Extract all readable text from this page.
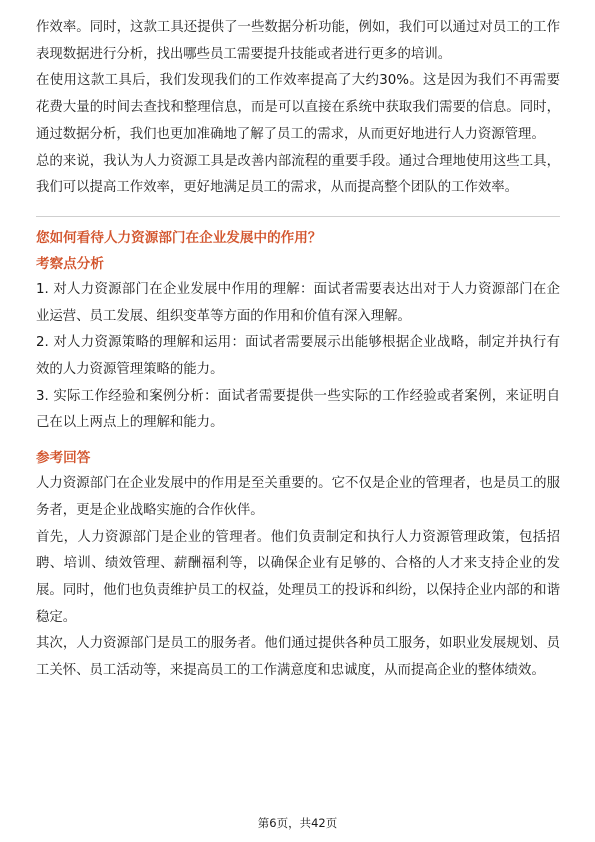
作效率。同时，这款工具还提供了一些数据分析功能，例如，我们可以通过对员工的工作表现数据进行分析，找出哪些员工需要提升技能或者进行更多的培训。

在使用这款工具后，我们发现我们的工作效率提高了大约30%。这是因为我们不再需要花费大量的时间去查找和整理信息，而是可以直接在系统中获取我们需要的信息。同时，通过数据分析，我们也更加准确地了解了员工的需求，从而更好地进行人力资源管理。

总的来说，我认为人力资源工具是改善内部流程的重要手段。通过合理地使用这些工具，我们可以提高工作效率，更好地满足员工的需求，从而提高整个团队的工作效率。

您如何看待人力资源部门在企业发展中的作用？
考察点分析

1. 对人力资源部门在企业发展中作用的理解：面试者需要表达出对于人力资源部门在企业运营、员工发展、组织变革等方面的作用和价值有深入理解。

2. 对人力资源策略的理解和运用：面试者需要展示出能够根据企业战略，制定并执行有效的人力资源管理策略的能力。

3. 实际工作经验和案例分析：面试者需要提供一些实际的工作经验或者案例，来证明自己在以上两点上的理解和能力。

参考回答

人力资源部门在企业发展中的作用是至关重要的。它不仅是企业的管理者，也是员工的服务者，更是企业战略实施的合作伙伴。

首先，人力资源部门是企业的管理者。他们负责制定和执行人力资源管理政策，包括招聘、培训、绩效管理、薪酬福利等，以确保企业有足够的、合格的人才来支持企业的发展。同时，他们也负责维护员工的权益，处理员工的投诉和纠纷，以保持企业内部的和谐稳定。

其次，人力资源部门是员工的服务者。他们通过提供各种员工服务，如职业发展规划、员工关怀、员工活动等，来提高员工的工作满意度和忠诚度，从而提高企业的整体绩效。

第6页，共42页
